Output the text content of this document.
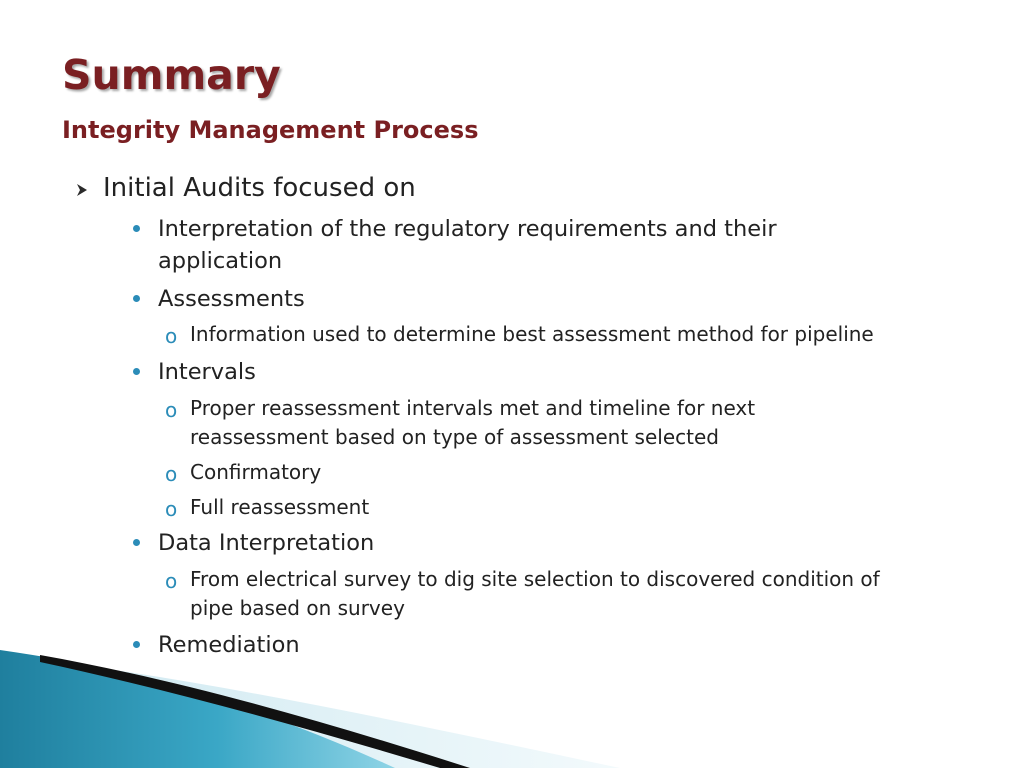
Summary
Integrity Management Process
Initial Audits focused on
Interpretation of the regulatory requirements and their
application
Assessments
o Information used to determine best assessment method for pipeline
Intervals
o Proper reassessment intervals met and timeline for next
reassessment based on type of assessment selected
o Confirmatory
o Full reassessment
Data Interpretation
o From electrical survey to dig site selection to discovered condition of
pipe based on survey
Remediation
